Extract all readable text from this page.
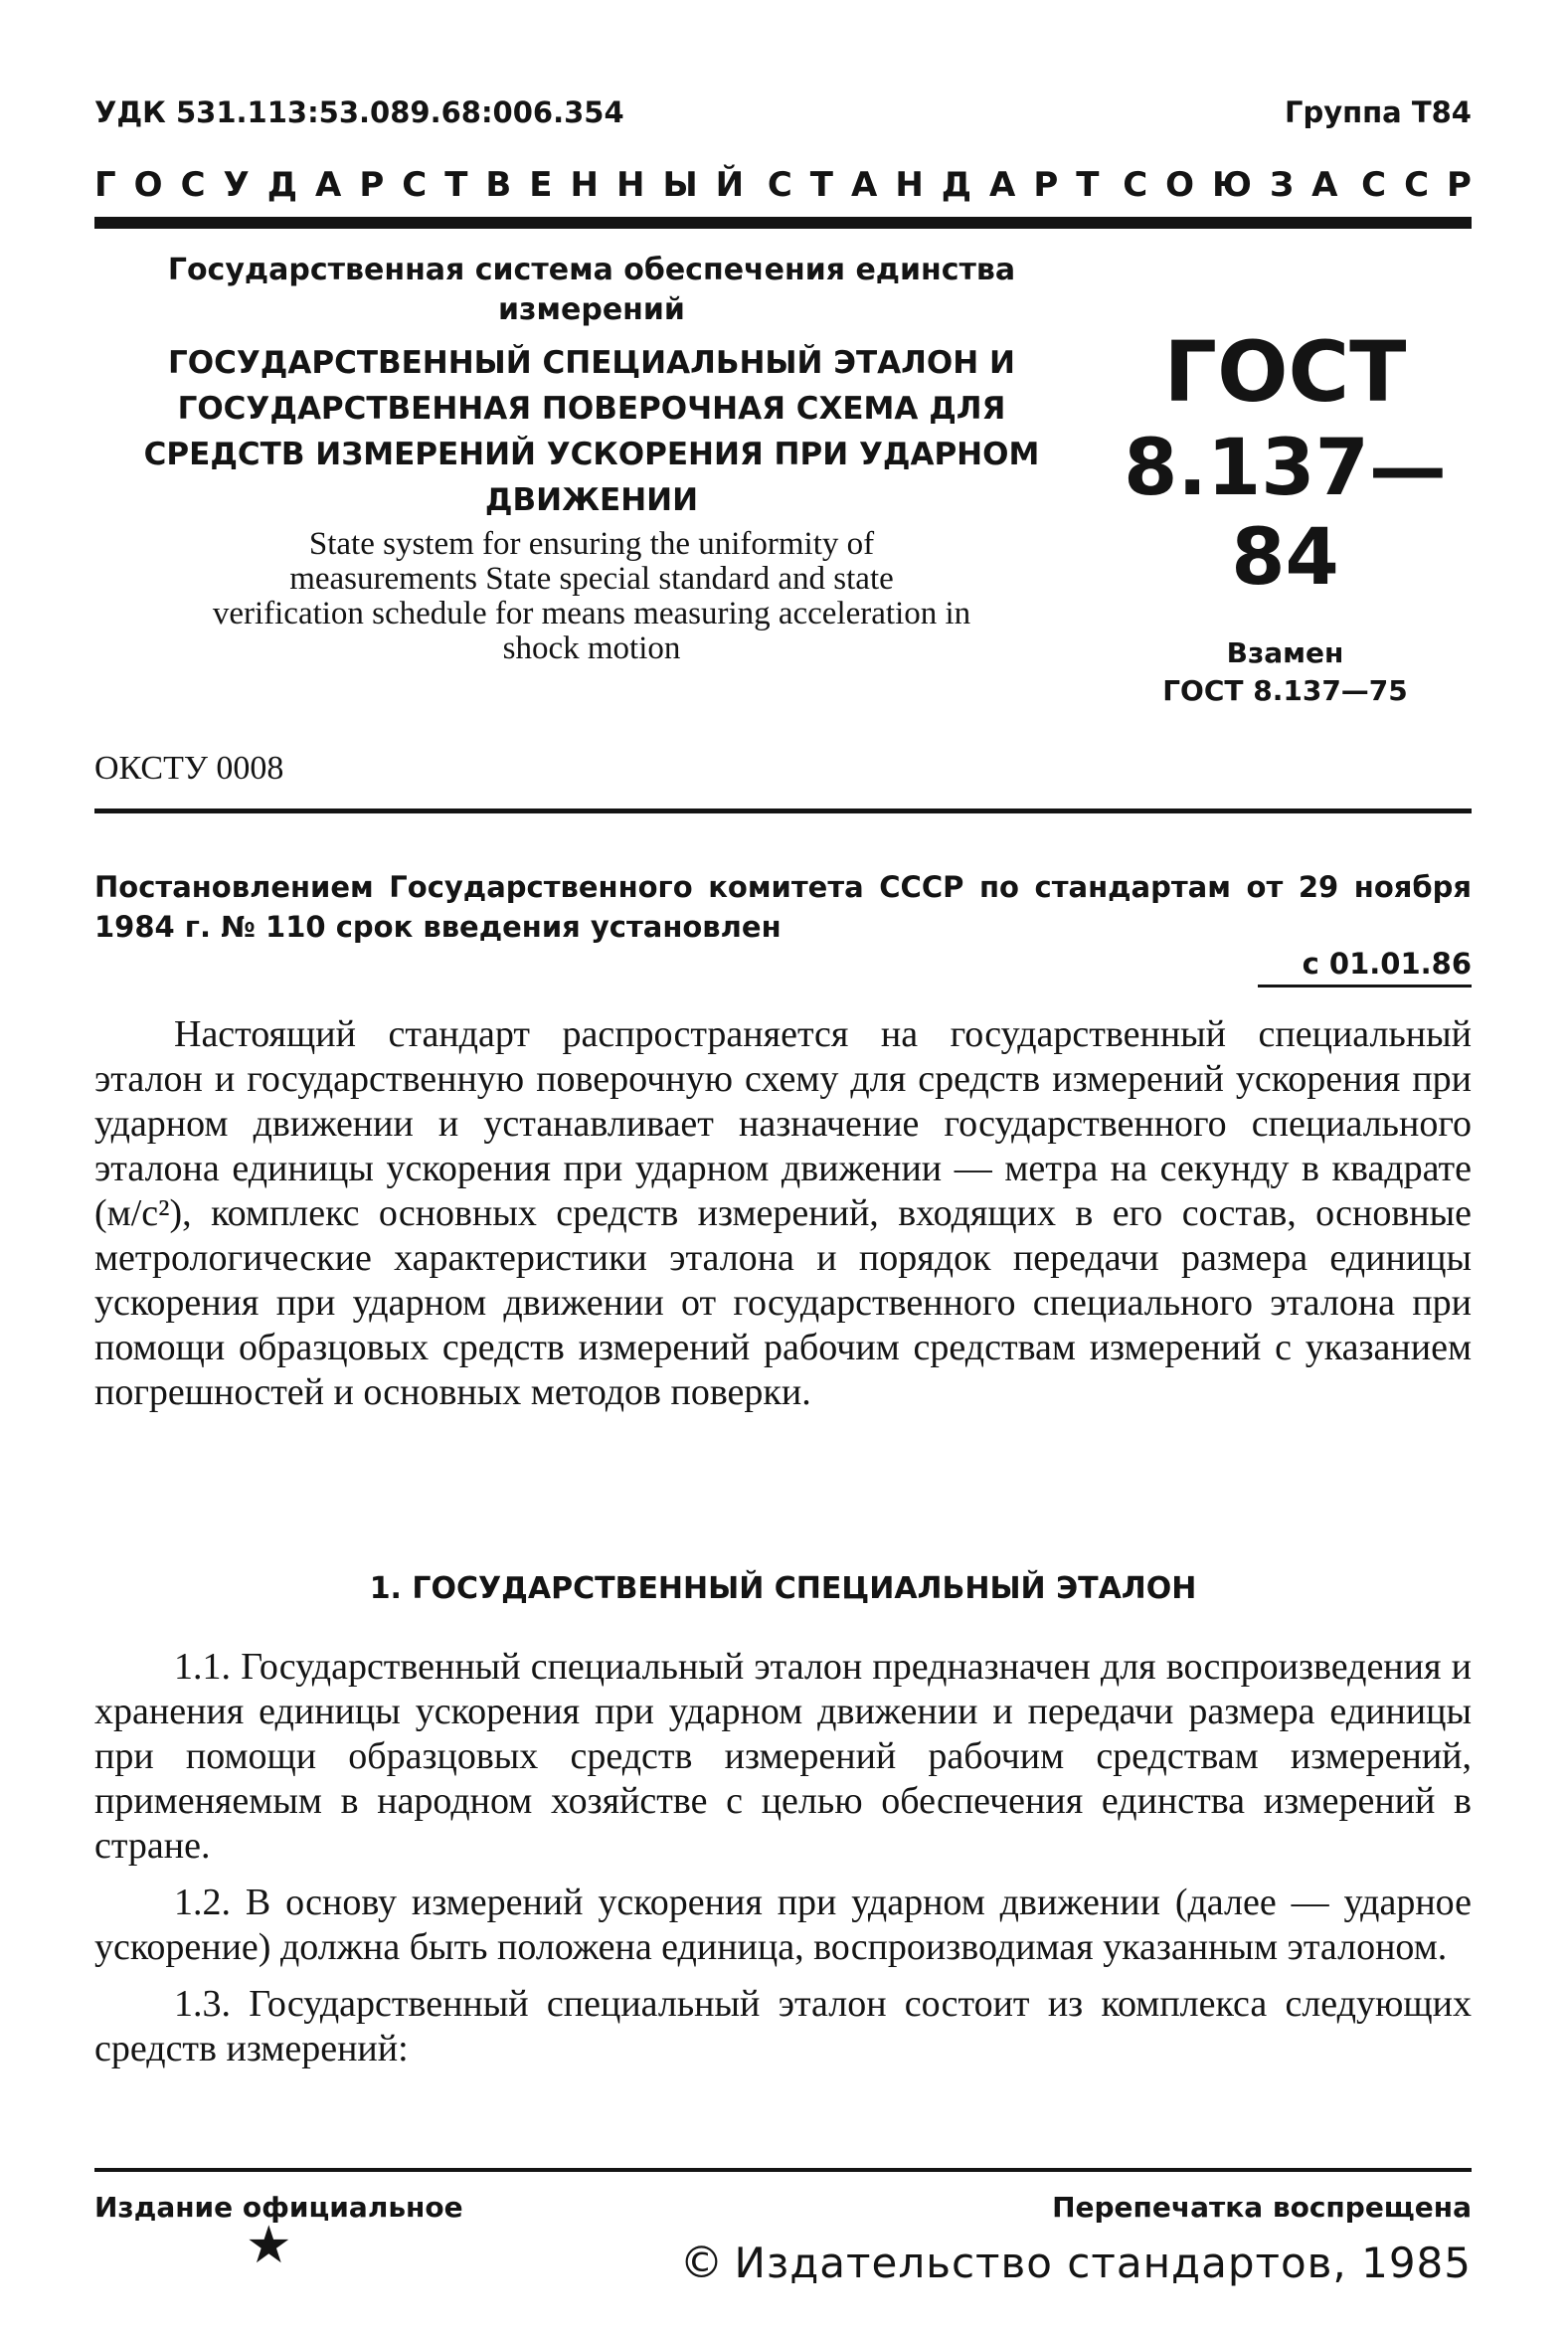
УДК 531.113:53.089.68:006.354	Группа Т84
ГОСУДАРСТВЕННЫЙ СТАНДАРТ СОЮЗА ССР
Государственная система обеспечения единства
измерений
ГОСУДАРСТВЕННЫЙ СПЕЦИАЛЬНЫЙ ЭТАЛОН И
ГОСУДАРСТВЕННАЯ ПОВЕРОЧНАЯ СХЕМА ДЛЯ
СРЕДСТВ ИЗМЕРЕНИЙ УСКОРЕНИЯ ПРИ УДАРНОМ
ДВИЖЕНИИ
State system for ensuring the uniformity of
measurements State special standard and state
verification schedule for means measuring acceleration in
shock motion
ГОСТ
8.137—84
Взамен
ГОСТ 8.137—75
ОКСТУ 0008
Постановлением Государственного комитета СССР по стандартам от 29 ноября 1984 г. № 110 срок введения установлен
с 01.01.86

Настоящий стандарт распространяется на государственный специальный эталон и государственную поверочную схему для средств измерений ускорения при ударном движении и устанавливает назначение государственного специального эталона единицы ускорения при ударном движении — метра на секунду в квадрате (м/с²), комплекс основных средств измерений, входящих в его состав, основные метрологические характеристики эталона и порядок передачи размера единицы ускорения при ударном движении от государственного специального эталона при помощи образцовых средств измерений рабочим средствам измерений с указанием погрешностей и основных методов поверки.

1. ГОСУДАРСТВЕННЫЙ СПЕЦИАЛЬНЫЙ ЭТАЛОН

1.1. Государственный специальный эталон предназначен для воспроизведения и хранения единицы ускорения при ударном движении и передачи размера единицы при помощи образцовых средств измерений рабочим средствам измерений, применяемым в народном хозяйстве с целью обеспечения единства измерений в стране.

1.2. В основу измерений ускорения при ударном движении (далее — ударное ускорение) должна быть положена единица, воспроизводимая указанным эталоном.

1.3. Государственный специальный эталон состоит из комплекса следующих средств измерений:

Издание официальное	Перепечатка воспрещена
★	© Издательство стандартов, 1985
